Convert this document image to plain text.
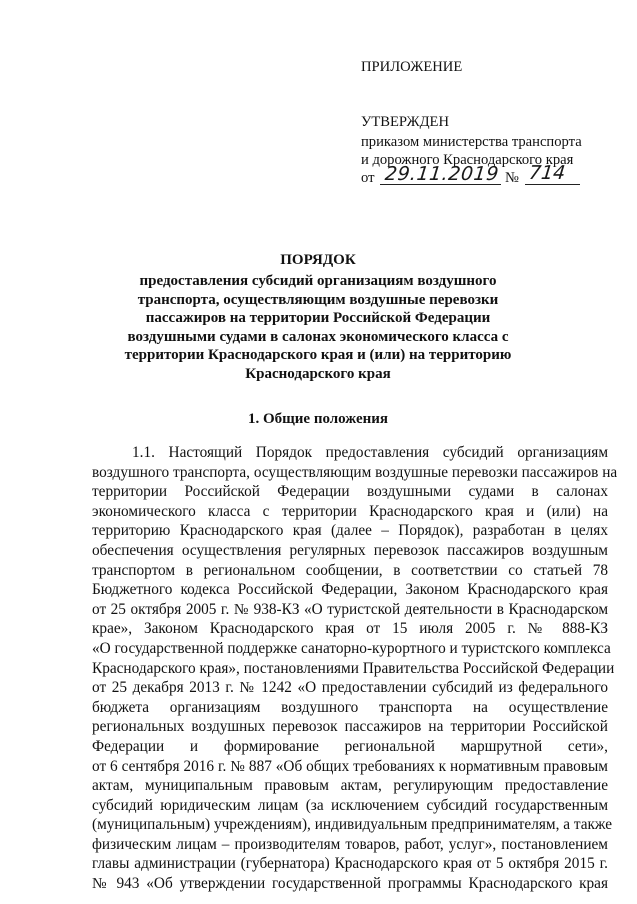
ПРИЛОЖЕНИЕ
УТВЕРЖДЕН
приказом министерства транспорта
и дорожного Краснодарского края
от 29.11.2019 № 714
ПОРЯДОК
предоставления субсидий организациям воздушного
транспорта, осуществляющим воздушные перевозки
пассажиров на территории Российской Федерации
воздушными судами в салонах экономического класса с
территории Краснодарского края и (или) на территорию
Краснодарского края
1. Общие положения
1.1. Настоящий Порядок предоставления субсидий организациям
воздушного транспорта, осуществляющим воздушные перевозки пассажиров на
территории Российской Федерации воздушными судами в салонах
экономического класса с территории Краснодарского края и (или) на
территорию Краснодарского края (далее – Порядок), разработан в целях
обеспечения осуществления регулярных перевозок пассажиров воздушным
транспортом в региональном сообщении, в соответствии со статьей 78
Бюджетного кодекса Российской Федерации, Законом Краснодарского края
от 25 октября 2005 г. № 938-КЗ «О туристской деятельности в Краснодарском
крае», Законом Краснодарского края от 15 июля 2005 г. № 888-КЗ
«О государственной поддержке санаторно-курортного и туристского комплекса
Краснодарского края», постановлениями Правительства Российской Федерации
от 25 декабря 2013 г. № 1242 «О предоставлении субсидий из федерального
бюджета организациям воздушного транспорта на осуществление
региональных воздушных перевозок пассажиров на территории Российской
Федерации и формирование региональной маршрутной сети»,
от 6 сентября 2016 г. № 887 «Об общих требованиях к нормативным правовым
актам, муниципальным правовым актам, регулирующим предоставление
субсидий юридическим лицам (за исключением субсидий государственным
(муниципальным) учреждениям), индивидуальным предпринимателям, а также
физическим лицам – производителям товаров, работ, услуг», постановлением
главы администрации (губернатора) Краснодарского края от 5 октября 2015 г.
№ 943 «Об утверждении государственной программы Краснодарского края
